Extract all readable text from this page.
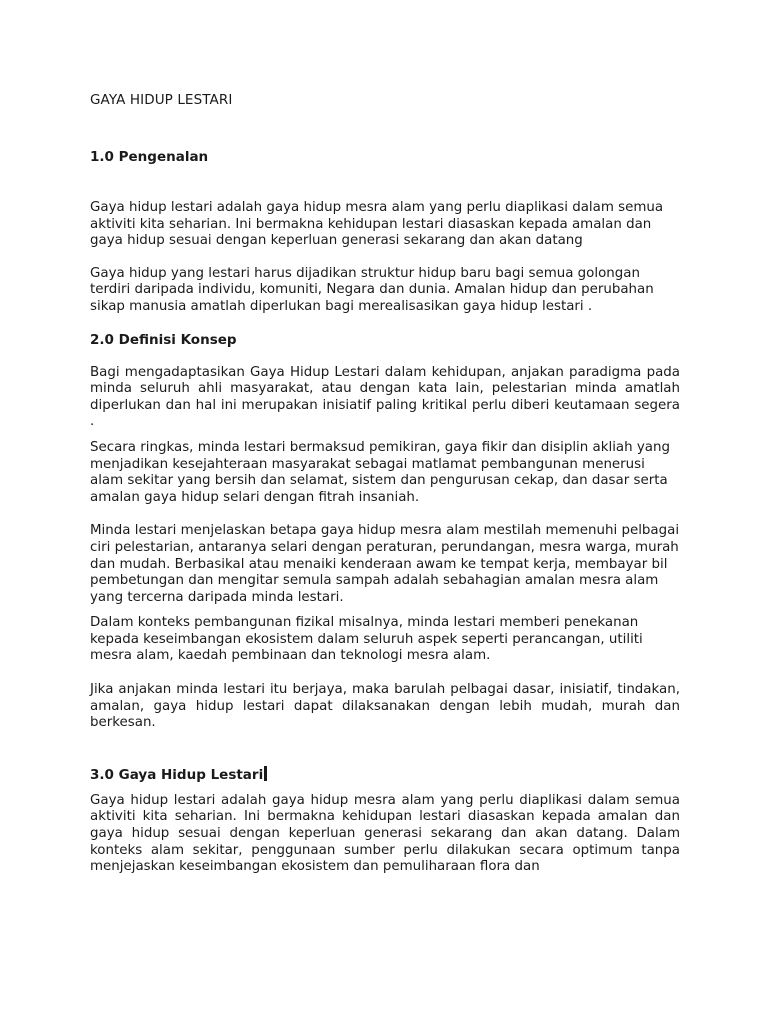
GAYA HIDUP LESTARI
1.0 Pengenalan

Gaya hidup lestari adalah gaya hidup mesra alam yang perlu diaplikasi dalam semua aktiviti kita seharian. Ini bermakna kehidupan lestari diasaskan kepada amalan dan gaya hidup sesuai dengan keperluan generasi sekarang dan akan datang

Gaya hidup yang lestari harus dijadikan struktur hidup baru bagi semua golongan terdiri daripada individu, komuniti, Negara dan dunia. Amalan hidup dan perubahan sikap manusia amatlah diperlukan bagi merealisasikan gaya hidup lestari .

2.0 Definisi Konsep

Bagi mengadaptasikan Gaya Hidup Lestari dalam kehidupan, anjakan paradigma pada minda seluruh ahli masyarakat, atau dengan kata lain, pelestarian minda amatlah diperlukan dan hal ini merupakan inisiatif paling kritikal perlu diberi keutamaan segera .

Secara ringkas, minda lestari bermaksud pemikiran, gaya fikir dan disiplin akliah yang menjadikan kesejahteraan masyarakat sebagai matlamat pembangunan menerusi alam sekitar yang bersih dan selamat, sistem dan pengurusan cekap, dan dasar serta amalan gaya hidup selari dengan fitrah insaniah.

Minda lestari menjelaskan betapa gaya hidup mesra alam mestilah memenuhi pelbagai ciri pelestarian, antaranya selari dengan peraturan, perundangan, mesra warga, murah dan mudah. Berbasikal atau menaiki kenderaan awam ke tempat kerja, membayar bil pembetungan dan mengitar semula sampah adalah sebahagian amalan mesra alam yang tercerna daripada minda lestari.

Dalam konteks pembangunan fizikal misalnya, minda lestari memberi penekanan kepada keseimbangan ekosistem dalam seluruh aspek seperti perancangan, utiliti mesra alam, kaedah pembinaan dan teknologi mesra alam.

Jika anjakan minda lestari itu berjaya, maka barulah pelbagai dasar, inisiatif, tindakan, amalan, gaya hidup lestari dapat dilaksanakan dengan lebih mudah, murah dan berkesan.

3.0 Gaya Hidup Lestari

Gaya hidup lestari adalah gaya hidup mesra alam yang perlu diaplikasi dalam semua aktiviti kita seharian. Ini bermakna kehidupan lestari diasaskan kepada amalan dan gaya hidup sesuai dengan keperluan generasi sekarang dan akan datang. Dalam konteks alam sekitar, penggunaan sumber perlu dilakukan secara optimum tanpa menjejaskan keseimbangan ekosistem dan pemuliharaan flora dan
